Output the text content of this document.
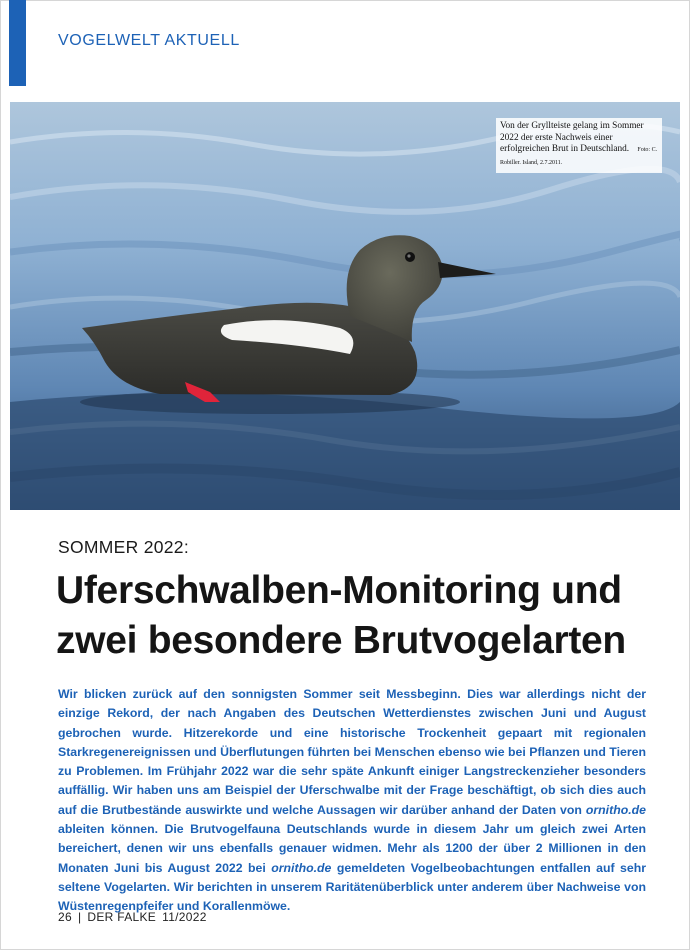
VOGELWELT AKTUELL
Von der Gryllteiste gelang im Sommer 2022 der erste Nachweis einer erfolgreichen Brut in Deutschland. Foto: C. Robiller. Island, 2.7.2011.
SOMMER 2022:
Uferschwalben-Monitoring und
zwei besondere Brutvogelarten

Wir blicken zurück auf den sonnigsten Sommer seit Messbeginn. Dies war allerdings nicht der einzige Rekord, der nach Angaben des Deutschen Wetterdienstes zwischen Juni und August gebrochen wurde. Hitzerekorde und eine historische Trockenheit gepaart mit regionalen Starkregenereignissen und Überflutungen führten bei Menschen ebenso wie bei Pflanzen und Tieren zu Problemen. Im Frühjahr 2022 war die sehr späte Ankunft einiger Langstreckenzieher besonders auffällig. Wir haben uns am Beispiel der Uferschwalbe mit der Frage beschäftigt, ob sich dies auch auf die Brutbestände auswirkte und welche Aussagen wir darüber anhand der Daten von ornitho.de ableiten können. Die Brutvogelfauna Deutschlands wurde in diesem Jahr um gleich zwei Arten bereichert, denen wir uns ebenfalls genauer widmen. Mehr als 1200 der über 2 Millionen in den Monaten Juni bis August 2022 bei ornitho.de gemeldeten Vogelbeobachtungen entfallen auf sehr seltene Vogelarten. Wir berichten in unserem Raritätenüberblick unter anderem über Nachweise von Wüstenregenpfeifer und Korallenmöwe.

26 | DER FALKE 11/2022
